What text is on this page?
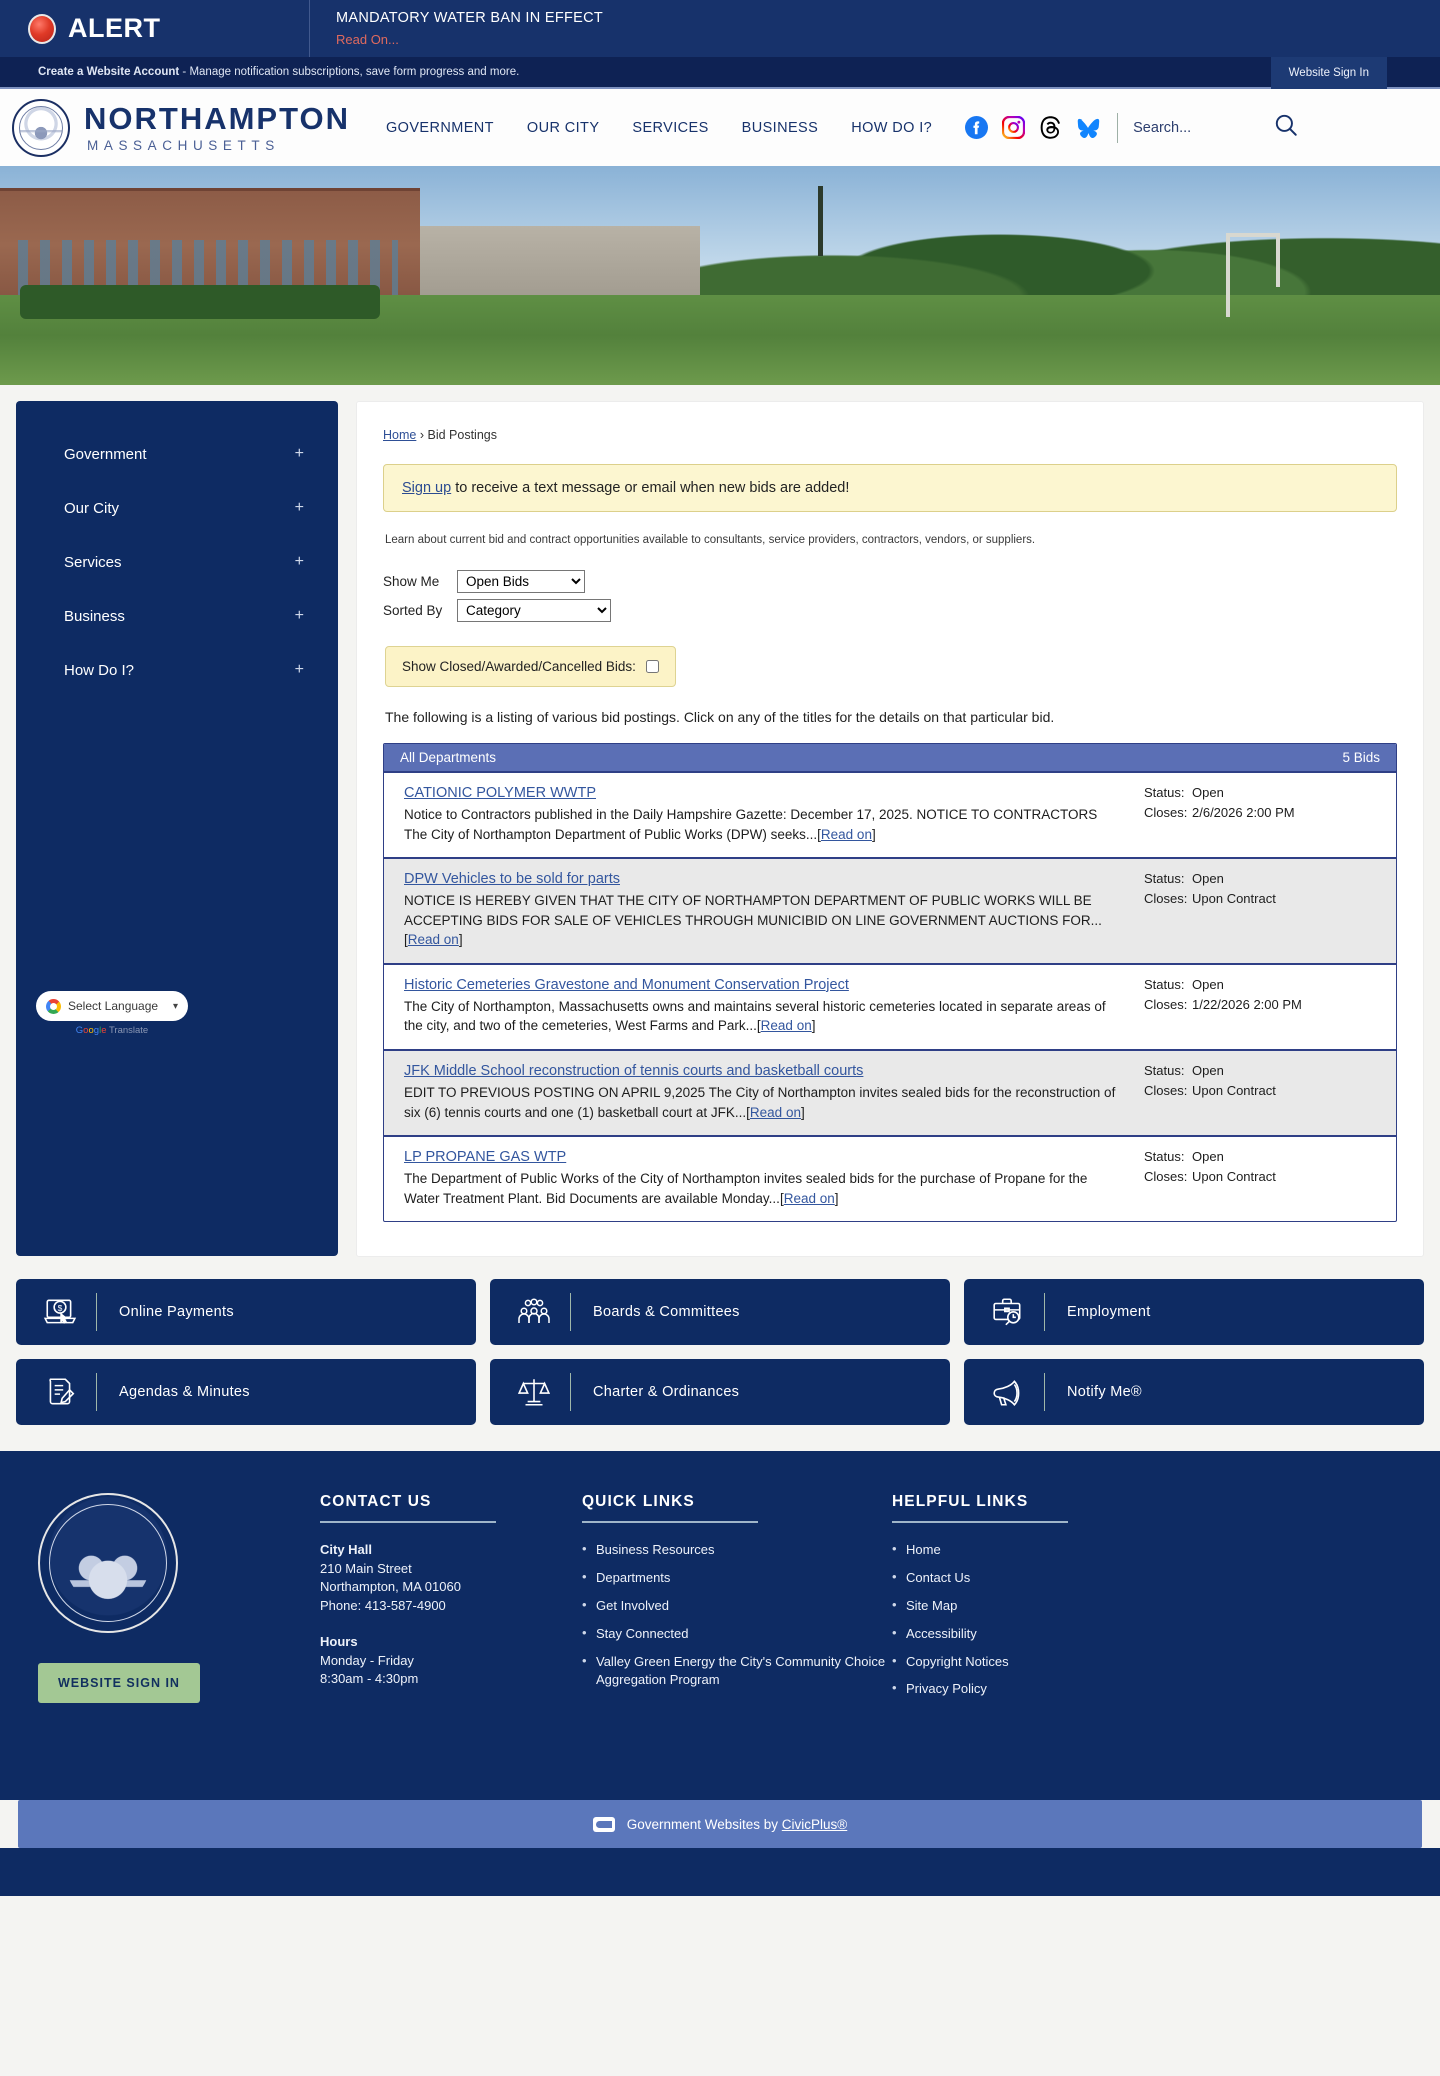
ALERT	MANDATORY WATER BAN IN EFFECT
Read On...
Create a Website Account - Manage notification subscriptions, save form progress and more.	Website Sign In
NORTHAMPTON
MASSACHUSETTS
GOVERNMENT OUR CITY SERVICES BUSINESS HOW DO I?
Search...
Government	+
Our City	+
Services	+
Business	+
How Do I?	+
Select Language ▾
Google Translate
Home › Bid Postings
Sign up to receive a text message or email when new bids are added!

Learn about current bid and contract opportunities available to consultants, service providers, contractors, vendors, or suppliers.

Show Me
Open Bids
Sorted By
Category
Show Closed/Awarded/Cancelled Bids:

The following is a listing of various bid postings. Click on any of the titles for the details on that particular bid.

All Departments	5 Bids
CATIONIC POLYMER WWTP
Notice to Contractors published in the Daily Hampshire Gazette: December 17, 2025. NOTICE TO CONTRACTORS The City of Northampton Department of Public Works (DPW) seeks...[Read on]
Status: Open
Closes: 2/6/2026 2:00 PM
DPW Vehicles to be sold for parts
NOTICE IS HEREBY GIVEN THAT THE CITY OF NORTHAMPTON DEPARTMENT OF PUBLIC WORKS WILL BE ACCEPTING BIDS FOR SALE OF VEHICLES THROUGH MUNICIBID ON LINE GOVERNMENT AUCTIONS FOR...[Read on]
Status: Open
Closes: Upon Contract
Historic Cemeteries Gravestone and Monument Conservation Project
The City of Northampton, Massachusetts owns and maintains several historic cemeteries located in separate areas of the city, and two of the cemeteries, West Farms and Park...[Read on]
Status: Open
Closes: 1/22/2026 2:00 PM
JFK Middle School reconstruction of tennis courts and basketball courts
EDIT TO PREVIOUS POSTING ON APRIL 9,2025 The City of Northampton invites sealed bids for the reconstruction of six (6) tennis courts and one (1) basketball court at JFK...[Read on]
Status: Open
Closes: Upon Contract
LP PROPANE GAS WTP
The Department of Public Works of the City of Northampton invites sealed bids for the purchase of Propane for the Water Treatment Plant. Bid Documents are available Monday...[Read on]
Status: Open
Closes: Upon Contract
$	Online Payments	Boards & Committees	Employment
Agendas & Minutes	Charter & Ordinances	Notify Me®
WEBSITE SIGN IN
CONTACT US
City Hall
210 Main Street
Northampton, MA 01060
Phone: 413-587-4900

Hours
Monday - Friday
8:30am - 4:30pm
QUICK LINKS
• Business Resources
• Departments
• Get Involved
• Stay Connected
• Valley Green Energy the City's Community Choice Aggregation Program
HELPFUL LINKS
• Home
• Contact Us
• Site Map
• Accessibility
• Copyright Notices
• Privacy Policy
Government Websites by CivicPlus®
